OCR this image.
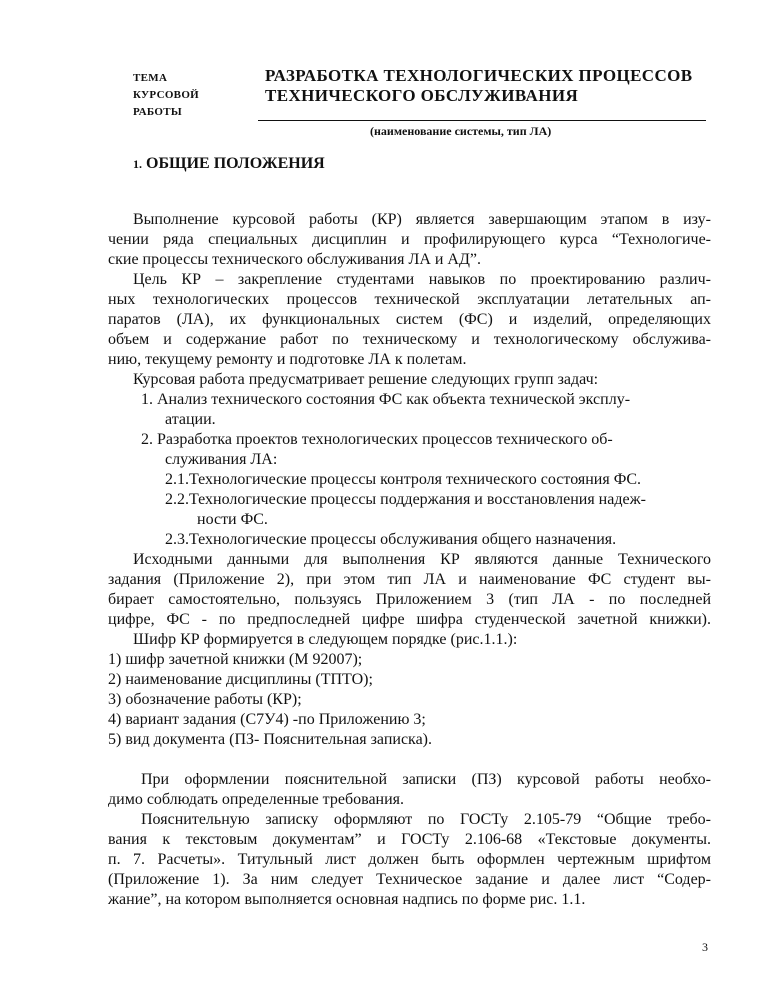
ТЕМА
КУРСОВОЙ
РАБОТЫ
РАЗРАБОТКА ТЕХНОЛОГИЧЕСКИХ ПРОЦЕССОВ
ТЕХНИЧЕСКОГО ОБСЛУЖИВАНИЯ
(наименование системы, тип ЛА)
1. ОБЩИЕ ПОЛОЖЕНИЯ
Выполнение курсовой работы (КР) является завершающим этапом в изу-
чении ряда специальных дисциплин и профилирующего курса “Технологиче-
ские процессы технического обслуживания ЛА и АД”.
Цель КР – закрепление студентами навыков по проектированию различ-
ных технологических процессов технической эксплуатации летательных ап-
паратов (ЛА), их функциональных систем (ФС) и изделий, определяющих
объем и содержание работ по техническому и технологическому обслужива-
нию, текущему ремонту и подготовке ЛА к полетам.
Курсовая работа предусматривает решение следующих групп задач:
1. Анализ технического состояния ФС как объекта технической эксплу-
атации.
2. Разработка проектов технологических процессов технического об-
служивания ЛА:
2.1.Технологические процессы контроля технического состояния ФС.
2.2.Технологические процессы поддержания и восстановления надеж-
ности ФС.
2.3.Технологические процессы обслуживания общего назначения.
Исходными данными для выполнения КР являются данные Технического
задания (Приложение 2), при этом тип ЛА и наименование ФС студент вы-
бирает самостоятельно, пользуясь Приложением 3 (тип ЛА - по последней
цифре, ФС - по предпоследней цифре шифра студенческой зачетной книжки).
Шифр КР формируется в следующем порядке (рис.1.1.):
1) шифр зачетной книжки (М 92007);
2) наименование дисциплины (ТПТО);
3) обозначение работы (КР);
4) вариант задания (С7У4) -по Приложению 3;
5) вид документа (ПЗ- Пояснительная записка).
При оформлении пояснительной записки (ПЗ) курсовой работы необхо-
димо соблюдать определенные требования.
Пояснительную записку оформляют по ГОСТу 2.105-79 “Общие требо-
вания к текстовым документам” и ГОСТу 2.106-68 «Текстовые документы.
п. 7. Расчеты». Титульный лист должен быть оформлен чертежным шрифтом
(Приложение 1). За ним следует Техническое задание и далее лист “Содер-
жание”, на котором выполняется основная надпись по форме рис. 1.1.
3
